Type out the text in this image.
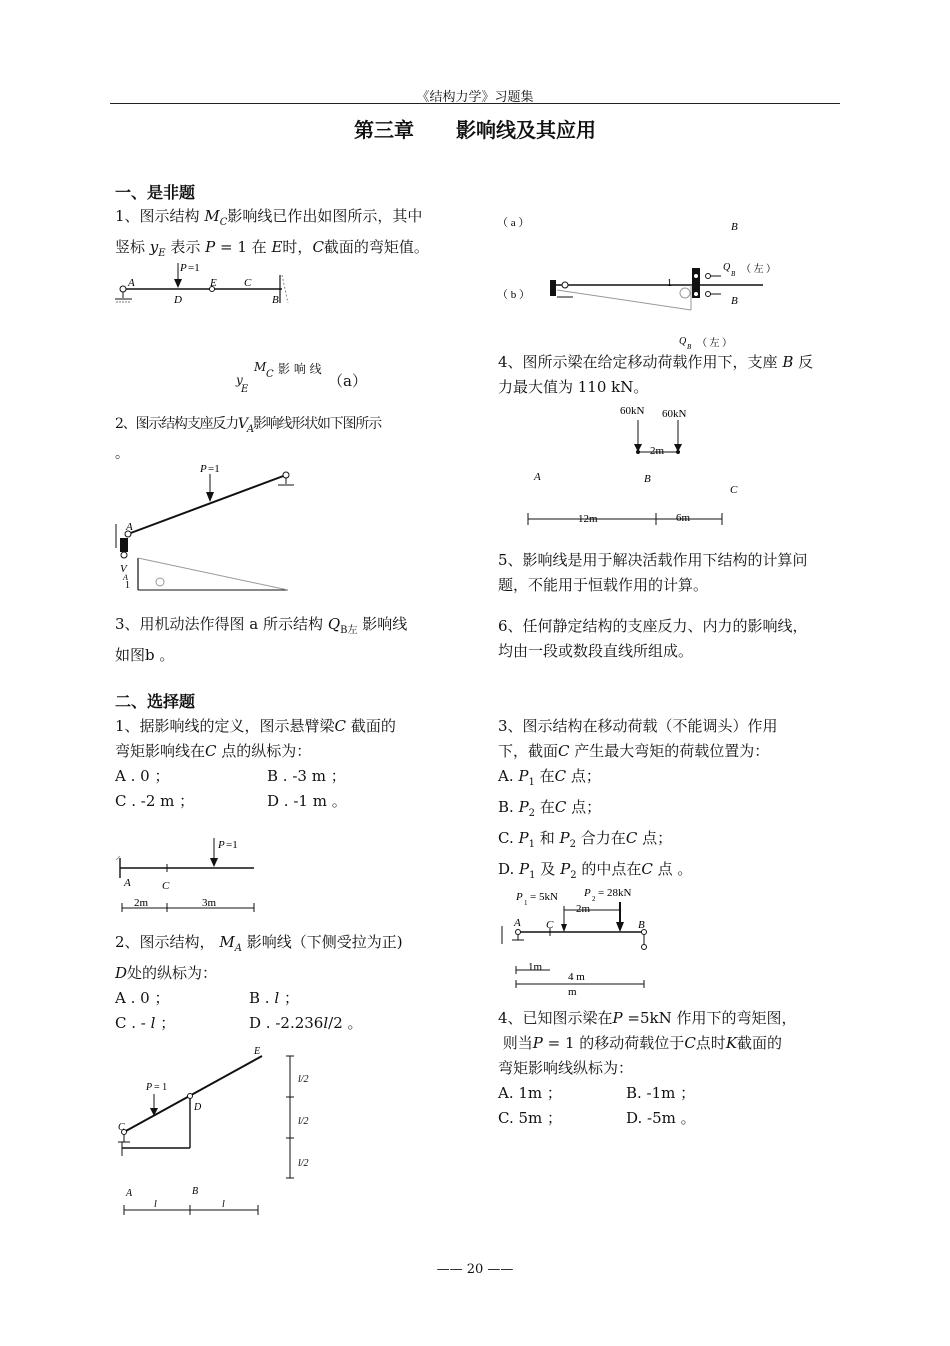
《结构力学》习题集
第三章 影响线及其应用
一、是非题
1、图示结构 $M_C$影响线已作出如图所示，其中
竖标 $y_E$ 表示 P = 1 在 E时，C截面的弯矩值。
P =1
A
D
E C
B
M
C 影 响 线
y
E	（a）
2、图示结构支座反力$V_A$影响线形状如下图所示
。
P =1
A
V
A
1
3、用机动法作得图 a 所示结构 $Q_{B左}$ 影响线
如图b 。
（ a ）	B
Q
B （ 左 ）
（ b ）
1
B
Q B （ 左 ）
4、图所示梁在给定移动荷载作用下，支座 B 反
力最大值为 110 kN。
60kN 60kN
2m
A	B
C
12m	6m
5、影响线是用于解决活载作用下结构的计算问
题，不能用于恒载作用的计算。
6、任何静定结构的支座反力、内力的影响线，
均由一段或数段直线所组成。
二、选择题
1、据影响线的定义，图示悬臂梁C 截面的
弯矩影响线在C 点的纵标为：
A . 0 ；	B . -3 m ；
C . -2 m ；	D . -1 m 。
P =1
A	C
2m	3m
2、图示结构， $M_A$ 影响线（下侧受拉为正)
D处的纵标为：
A . 0 ；	B . l ；
C . - l ；	D . -2.236l/2 。
E
P = 1
D
C
A	B
l/2
l/2
l/2
l	l
3、图示结构在移动荷载（不能调头）作用
下，截面C 产生最大弯矩的荷载位置为：
A. $P_1$ 在C 点；
B. $P_2$ 在C 点；
C. $P_1$ 和 $P_2$ 合力在C 点；
D. $P_1$ 及 $P_2$ 的中点在C 点 。
P 1 = 5kN P 2 = 28kN
2m
A C	B
1m
4 m
m
4、已知图示梁在P =5kN 作用下的弯矩图，
则当P = 1 的移动荷载位于C点时K截面的
弯矩影响线纵标为：
A. 1m ；	B. -1m ；
C. 5m ；	D. -5m 。
—— 20 ——
